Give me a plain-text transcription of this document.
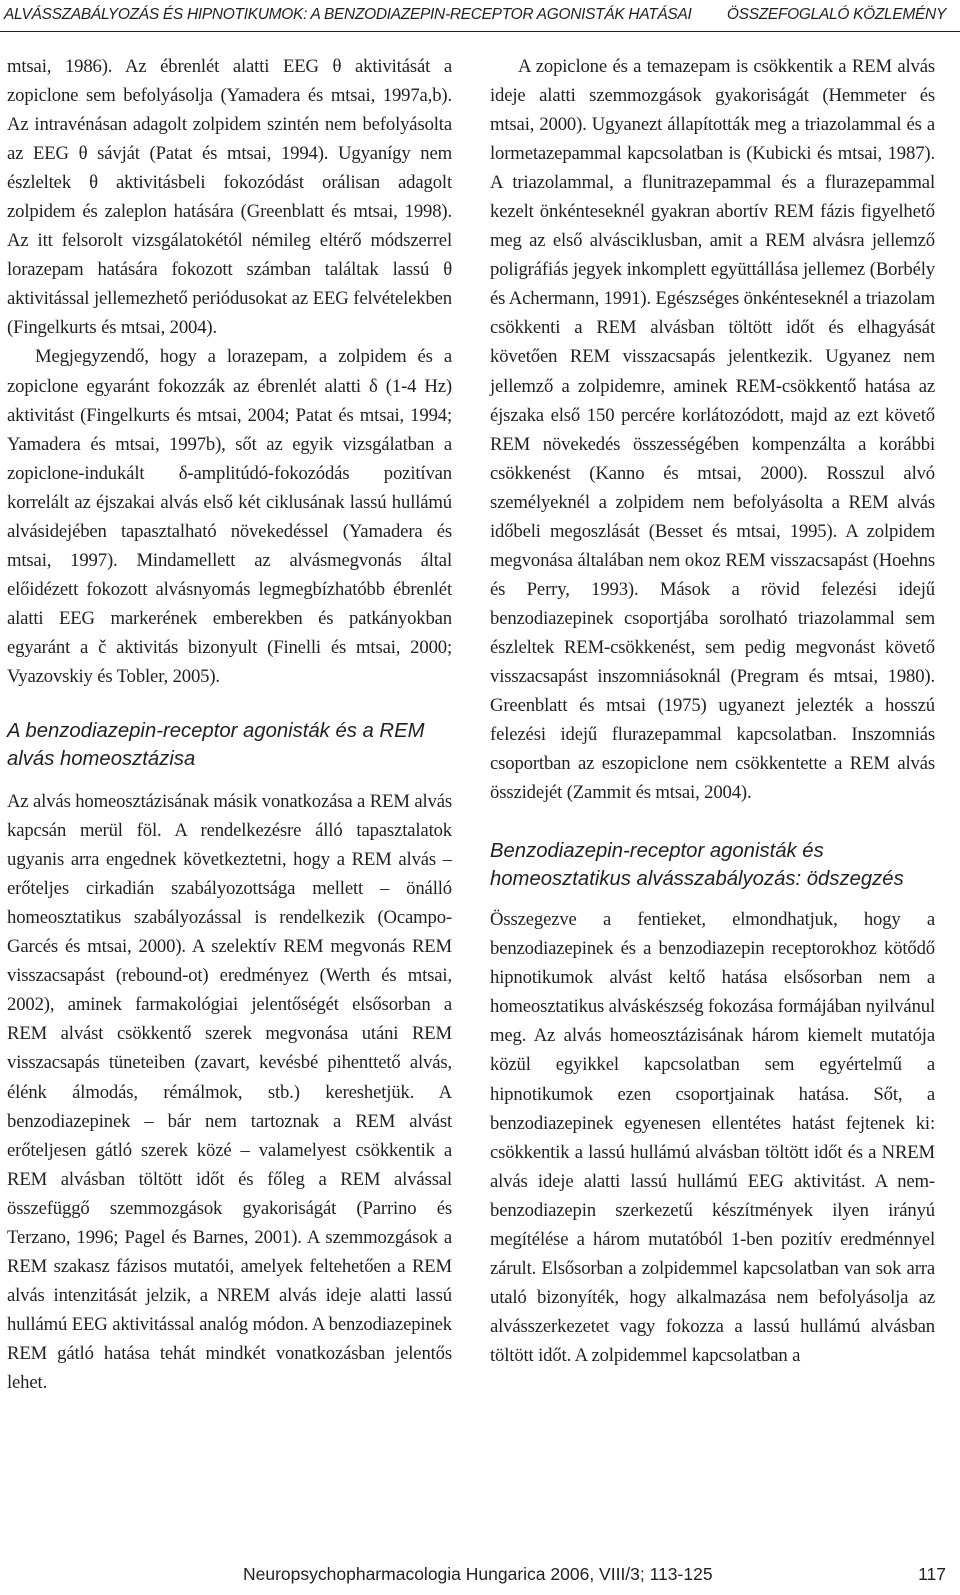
ALVÁSSZABÁLYOZÁS ÉS HIPNOTIKUMOK: A BENZODIAZEPIN-RECEPTOR AGONISTÁK HATÁSAI ÖSSZEFOGLALÓ KÖZLEMÉNY

mtsai, 1986). Az ébrenlét alatti EEG θ aktivitását a zopiclone sem befolyásolja (Yamadera és mtsai, 1997a,b). Az intravénásan adagolt zolpidem szintén nem befolyásolta az EEG θ sávját (Patat és mtsai, 1994). Ugyanígy nem észleltek θ aktivitásbeli fokozódást orálisan adagolt zolpidem és zaleplon hatására (Greenblatt és mtsai, 1998). Az itt felsorolt vizsgálatokétól némileg eltérő módszerrel lorazepam hatására fokozott számban találtak lassú θ aktivitással jellemezhető periódusokat az EEG felvételekben (Fingelkurts és mtsai, 2004).

Megjegyzendő, hogy a lorazepam, a zolpidem és a zopiclone egyaránt fokozzák az ébrenlét alatti δ (1-4 Hz) aktivitást (Fingelkurts és mtsai, 2004; Patat és mtsai, 1994; Yamadera és mtsai, 1997b), sőt az egyik vizsgálatban a zopiclone-indukált δ-amplitúdó-fokozódás pozitívan korrelált az éjszakai alvás első két ciklusának lassú hullámú alvásidejében tapasztalható növekedéssel (Yamadera és mtsai, 1997). Mindamellett az alvásmegvonás által előidézett fokozott alvásnyomás legmegbízhatóbb ébrenlét alatti EEG markerének emberekben és patkányokban egyaránt a č aktivitás bizonyult (Finelli és mtsai, 2000; Vyazovskiy és Tobler, 2005).

A benzodiazepin-receptor agonisták és a REM alvás homeosztázisa

Az alvás homeosztázisának másik vonatkozása a REM alvás kapcsán merül föl. A rendelkezésre álló tapasztalatok ugyanis arra engednek következtetni, hogy a REM alvás – erőteljes cirkadián szabályozottsága mellett – önálló homeosztatikus szabályozással is rendelkezik (Ocampo-Garcés és mtsai, 2000). A szelektív REM megvonás REM visszacsapást (rebound-ot) eredményez (Werth és mtsai, 2002), aminek farmakológiai jelentőségét elsősorban a REM alvást csökkentő szerek megvonása utáni REM visszacsapás tüneteiben (zavart, kevésbé pihenttető alvás, élénk álmodás, rémálmok, stb.) kereshetjük. A benzodiazepinek – bár nem tartoznak a REM alvást erőteljesen gátló szerek közé – valamelyest csökkentik a REM alvásban töltött időt és főleg a REM alvással összefüggő szemmozgások gyakoriságát (Parrino és Terzano, 1996; Pagel és Barnes, 2001). A szemmozgások a REM szakasz fázisos mutatói, amelyek feltehetően a REM alvás intenzitását jelzik, a NREM alvás ideje alatti lassú hullámú EEG aktivitással analóg módon. A benzodiazepinek REM gátló hatása tehát mindkét vonatkozásban jelentős lehet.

A zopiclone és a temazepam is csökkentik a REM alvás ideje alatti szemmozgások gyakoriságát (Hemmeter és mtsai, 2000). Ugyanezt állapították meg a triazolammal és a lormetazepammal kapcsolatban is (Kubicki és mtsai, 1987). A triazolammal, a flunitrazepammal és a flurazepammal kezelt önkénteseknél gyakran abortív REM fázis figyelhető meg az első alvásciklusban, amit a REM alvásra jellemző poligráfiás jegyek inkomplett együttállása jellemez (Borbély és Achermann, 1991). Egészséges önkénteseknél a triazolam csökkenti a REM alvásban töltött időt és elhagyását követően REM visszacsapás jelentkezik. Ugyanez nem jellemző a zolpidemre, aminek REM-csökkentő hatása az éjszaka első 150 percére korlátozódott, majd az ezt követő REM növekedés összességében kompenzálta a korábbi csökkenést (Kanno és mtsai, 2000). Rosszul alvó személyeknél a zolpidem nem befolyásolta a REM alvás időbeli megoszlását (Besset és mtsai, 1995). A zolpidem megvonása általában nem okoz REM visszacsapást (Hoehns és Perry, 1993). Mások a rövid felezési idejű benzodiazepinek csoportjába sorolható triazolammal sem észleltek REM-csökkenést, sem pedig megvonást követő visszacsapást inszomniásoknál (Pregram és mtsai, 1980). Greenblatt és mtsai (1975) ugyanezt jelezték a hosszú felezési idejű flurazepammal kapcsolatban. Inszomniás csoportban az eszopiclone nem csökkentette a REM alvás összidejét (Zammit és mtsai, 2004).

Benzodiazepin-receptor agonisták és homeosztatikus alvásszabályozás: ödszegzés

Összegezve a fentieket, elmondhatjuk, hogy a benzodiazepinek és a benzodiazepin receptorokhoz kötődő hipnotikumok alvást keltő hatása elsősorban nem a homeosztatikus alváskészség fokozása formájában nyilvánul meg. Az alvás homeosztázisának három kiemelt mutatója közül egyikkel kapcsolatban sem egyértelmű a hipnotikumok ezen csoportjainak hatása. Sőt, a benzodiazepinek egyenesen ellentétes hatást fejtenek ki: csökkentik a lassú hullámú alvásban töltött időt és a NREM alvás ideje alatti lassú hullámú EEG aktivitást. A nem-benzodiazepin szerkezetű készítmények ilyen irányú megítélése a három mutatóból 1-ben pozitív eredménnyel zárult. Elsősorban a zolpidemmel kapcsolatban van sok arra utaló bizonyíték, hogy alkalmazása nem befolyásolja az alvásszerkezetet vagy fokozza a lassú hullámú alvásban töltött időt. A zolpidemmel kapcsolatban a

Neuropsychopharmacologia Hungarica 2006, VIII/3; 113-125	117
